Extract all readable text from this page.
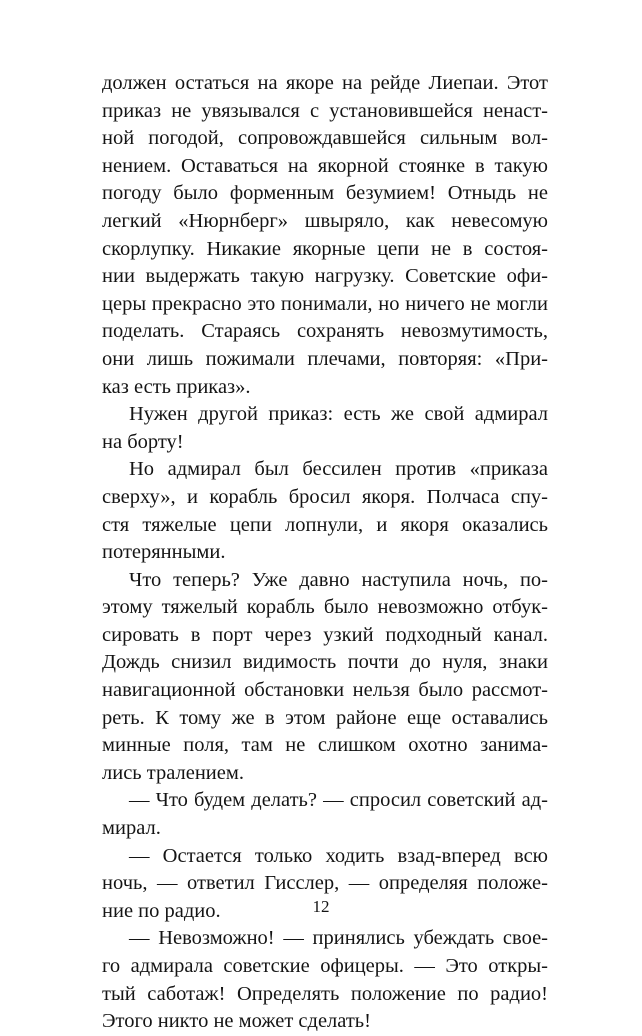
должен остаться на якоре на рейде Лиепаи. Этот
приказ не увязывался с установившейся ненаст-
ной погодой, сопровождавшейся сильным вол-
нением. Оставаться на якорной стоянке в такую
погоду было форменным безумием! Отныдь не
легкий «Нюрнберг» швыряло, как невесомую
скорлупку. Никакие якорные цепи не в состоя-
нии выдержать такую нагрузку. Советские офи-
церы прекрасно это понимали, но ничего не могли
поделать. Стараясь сохранять невозмутимость,
они лишь пожимали плечами, повторяя: «При-
каз есть приказ».
Нужен другой приказ: есть же свой адмирал
на борту!
Но адмирал был бессилен против «приказа
сверху», и корабль бросил якоря. Полчаса спу-
стя тяжелые цепи лопнули, и якоря оказались
потерянными.
Что теперь? Уже давно наступила ночь, по-
этому тяжелый корабль было невозможно отбук-
сировать в порт через узкий подходный канал.
Дождь снизил видимость почти до нуля, знаки
навигационной обстановки нельзя было рассмот-
реть. К тому же в этом районе еще оставались
минные поля, там не слишком охотно занима-
лись тралением.
— Что будем делать? — спросил советский ад-
мирал.
— Остается только ходить взад-вперед всю
ночь, — ответил Гисслер, — определяя положе-
ние по радио.
— Невозможно! — принялись убеждать свое-
го адмирала советские офицеры. — Это откры-
тый саботаж! Определять положение по радио!
Этого никто не может сделать!
12
